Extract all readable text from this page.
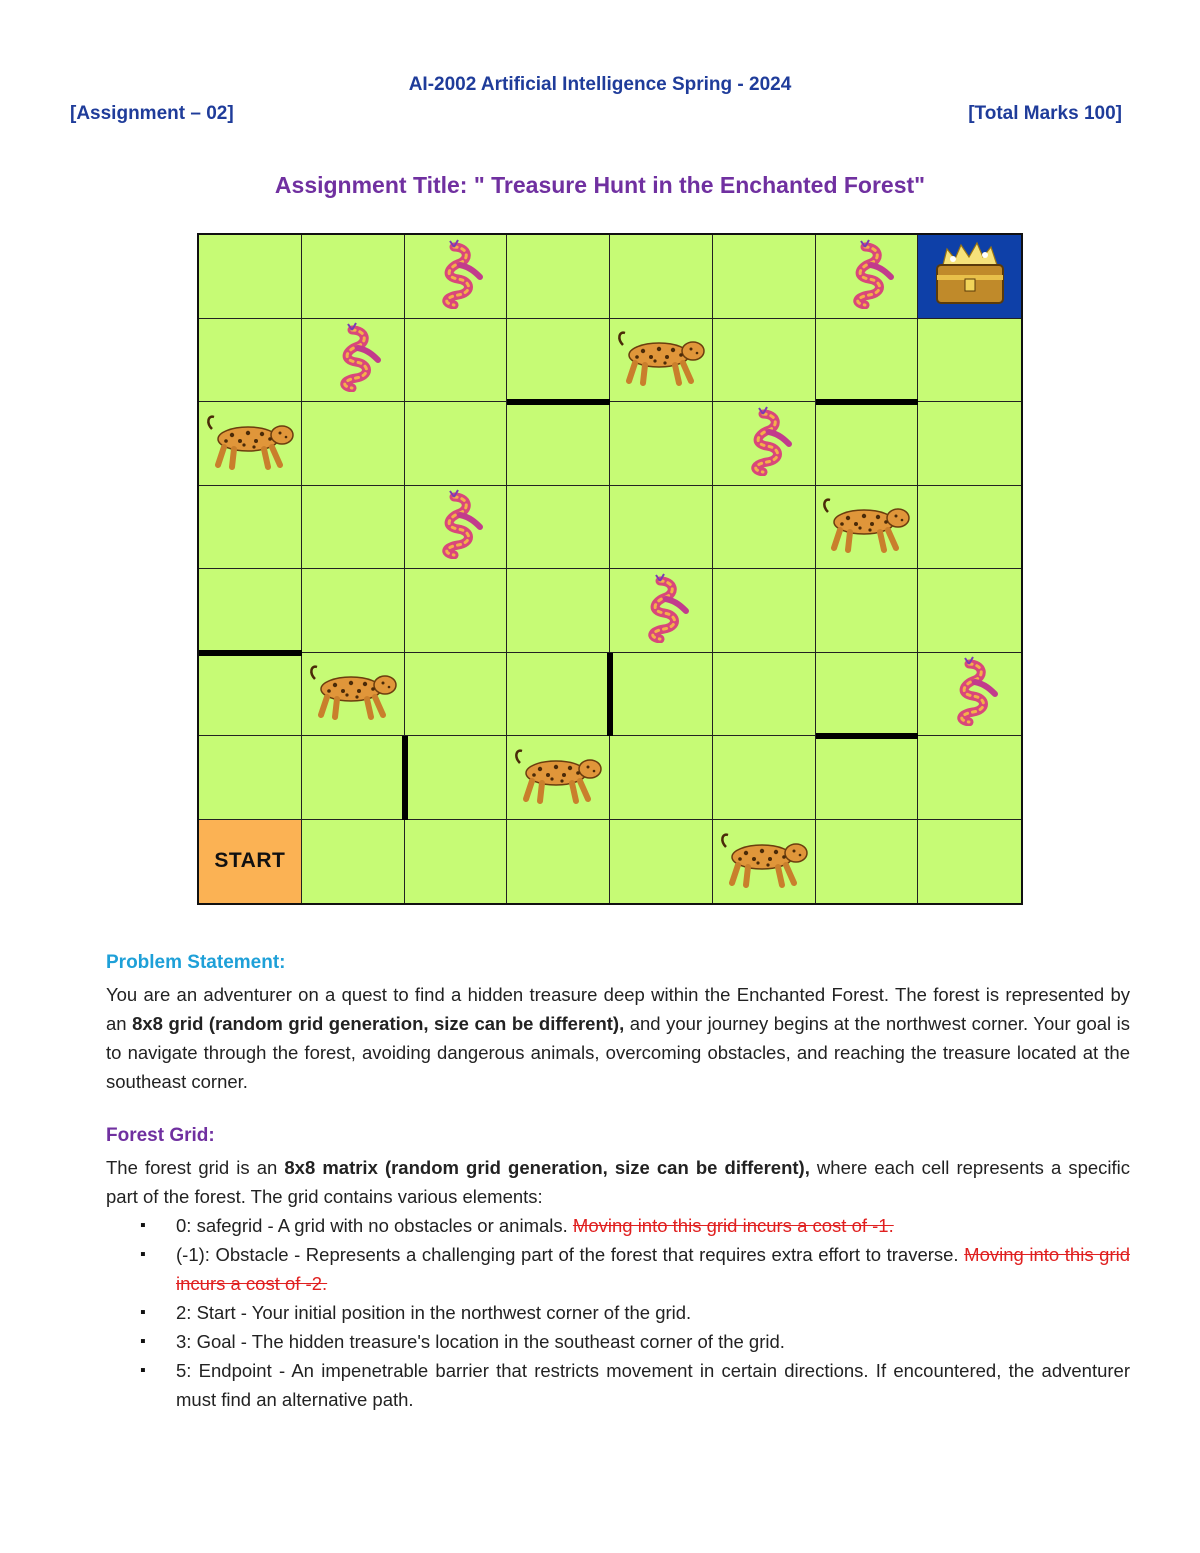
AI-2002 Artificial Intelligence Spring - 2024
[Assignment – 02]	[Total Marks 100]
Assignment Title: " Treasure Hunt in the Enchanted Forest"
START
Problem Statement:
You are an adventurer on a quest to find a hidden treasure deep within the Enchanted Forest. The forest is represented by an 8x8 grid (random grid generation, size can be different), and your journey begins at the northwest corner. Your goal is to navigate through the forest, avoiding dangerous animals, overcoming obstacles, and reaching the treasure located at the southeast corner.
Forest Grid:
The forest grid is an 8x8 matrix (random grid generation, size can be different), where each cell represents a specific part of the forest. The grid contains various elements:
▪ 0: safegrid - A grid with no obstacles or animals. Moving into this grid incurs a cost of -1.
▪ (-1): Obstacle - Represents a challenging part of the forest that requires extra effort to traverse. Moving into this grid incurs a cost of -2.
▪ 2: Start - Your initial position in the northwest corner of the grid.
▪ 3: Goal - The hidden treasure's location in the southeast corner of the grid.
▪ 5: Endpoint - An impenetrable barrier that restricts movement in certain directions. If encountered, the adventurer must find an alternative path.
